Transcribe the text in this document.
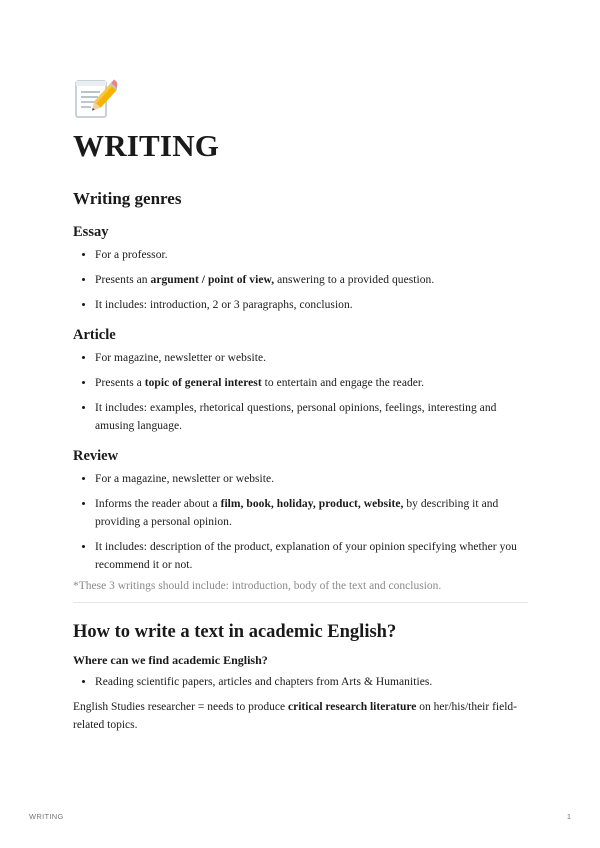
WRITING
Writing genres
Essay
• For a professor.
• Presents an argument / point of view, answering to a provided question.
• It includes: introduction, 2 or 3 paragraphs, conclusion.
Article
• For magazine, newsletter or website.
• Presents a topic of general interest to entertain and engage the reader.
• It includes: examples, rhetorical questions, personal opinions, feelings, interesting and amusing language.
Review
• For a magazine, newsletter or website.
• Informs the reader about a film, book, holiday, product, website, by describing it and providing a personal opinion.
• It includes: description of the product, explanation of your opinion specifying whether you recommend it or not.

*These 3 writings should include: introduction, body of the text and conclusion.

How to write a text in academic English?
Where can we find academic English?
• Reading scientific papers, articles and chapters from Arts & Humanities.

English Studies researcher = needs to produce critical research literature on her/his/their field-related topics.

WRITING	1
